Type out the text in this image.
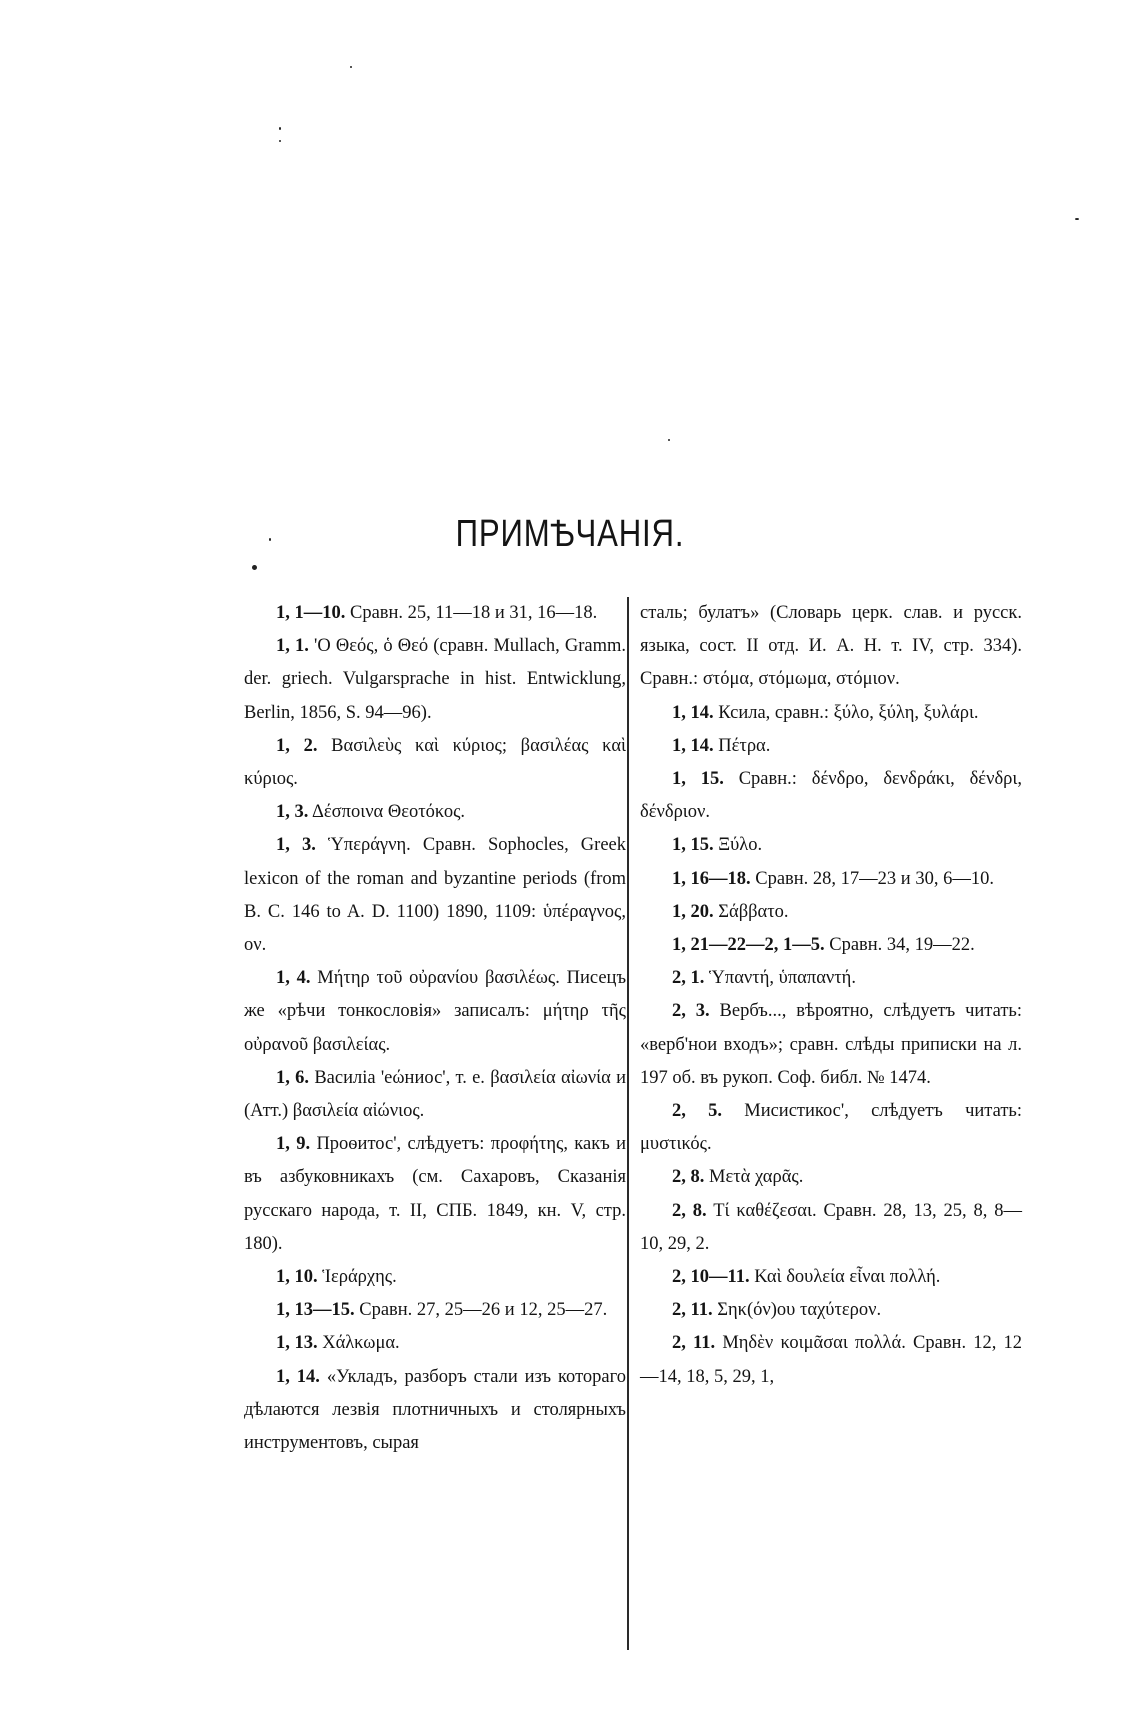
ПРИМѢЧАНІЯ.

1, 1—10. Сравн. 25, 11—18 и 31, 16—18.

1, 1. 'Ο Θεός, ὁ Θεό (сравн. Mullach, Gramm. der. griech. Vulgarsprache in hist. Entwicklung, Berlin, 1856, S. 94—96).

1, 2. Βασιλεὺς καὶ κύριος; βασιλέας καὶ κύριος.

1, 3. Δέσποινα Θεοτόκος.

1, 3. Ὑπεράγνη. Сравн. Sophocles, Greek lexicon of the roman and byzantine periods (from B. C. 146 to A. D. 1100) 1890, 1109: ὑπέραγνος, ον.

1, 4. Μήτηρ τοῦ οὐρανίου βασιλέως. Писецъ же «рѣчи тонкословія» записалъ: μήτηρ τῆς οὐρανοῦ βασιλείας.

1, 6. Василіа 'еώниос', т. е. βασιλεία αἰωνία и (Атт.) βασιλεία αἰώνιος.

1, 9. Проѳитос', слѣдуетъ: προφήτης, какъ и въ азбуковникахъ (см. Сахаровъ, Сказанія русскаго народа, т. II, СПБ. 1849, кн. V, стр. 180).

1, 10. Ἱεράρχης.

1, 13—15. Сравн. 27, 25—26 и 12, 25—27.

1, 13. Χάλκωμα.

1, 14. «Укладъ, разборъ стали изъ котораго дѣлаются лезвія плотничныхъ и столярныхъ инструментовъ, сырая

сталь; булатъ» (Словарь церк. слав. и русск. языка, сост. II отд. И. А. Н. т. IV, стр. 334). Сравн.: στόμα, στόμωμα, στόμιον.

1, 14. Ксила, сравн.: ξύλο, ξύλη, ξυλάρι.

1, 14. Πέτρα.

1, 15. Сравн.: δένδρο, δενδράκι, δένδρι, δένδριον.

1, 15. Ξύλο.

1, 16—18. Сравн. 28, 17—23 и 30, 6—10.

1, 20. Σάββατο.

1, 21—22—2, 1—5. Сравн. 34, 19—22.

2, 1. Ὑπαντή, ὑπαπαντή.

2, 3. Вербъ..., вѣроятно, слѣдуетъ читать: «верб'нои входъ»; сравн. слѣды приписки на л. 197 об. въ рукоп. Соф. библ. № 1474.

2, 5. Мисистикос', слѣдуетъ читать: μυστικός.

2, 8. Μετὰ χαρᾶς.

2, 8. Τί καθέζεσαι. Сравн. 28, 13, 25, 8, 8—10, 29, 2.

2, 10—11. Καὶ δουλεία εἶναι πολλή.

2, 11. Σηκ(όν)ου ταχύτερον.

2, 11. Μηδὲν κοιμᾶσαι πολλά. Сравн. 12, 12—14, 18, 5, 29, 1,
